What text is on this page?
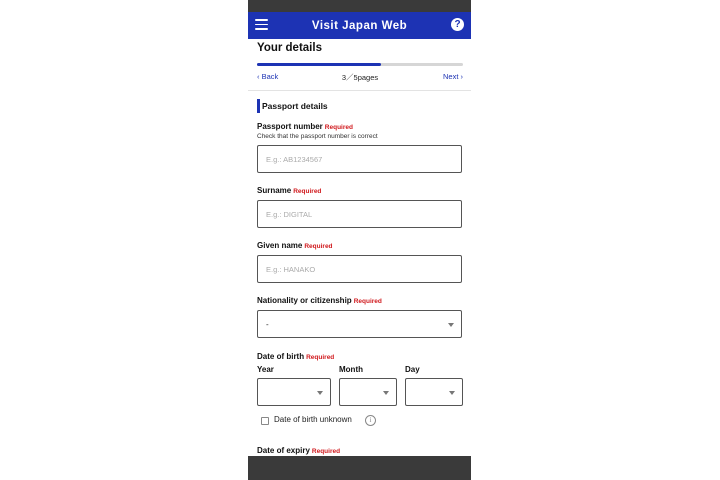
Visit Japan Web	?
Your details
‹ Back	3／5pages	Next ›
Passport details
Passport number Required
Check that the passport number is correct
E.g.: AB1234567
Surname Required
E.g.: DIGITAL
Given name Required
E.g.: HANAKO
Nationality or citizenship Required
-
Date of birth Required
Year	Month	Day
Date of birth unknown	i
Date of expiry Required
